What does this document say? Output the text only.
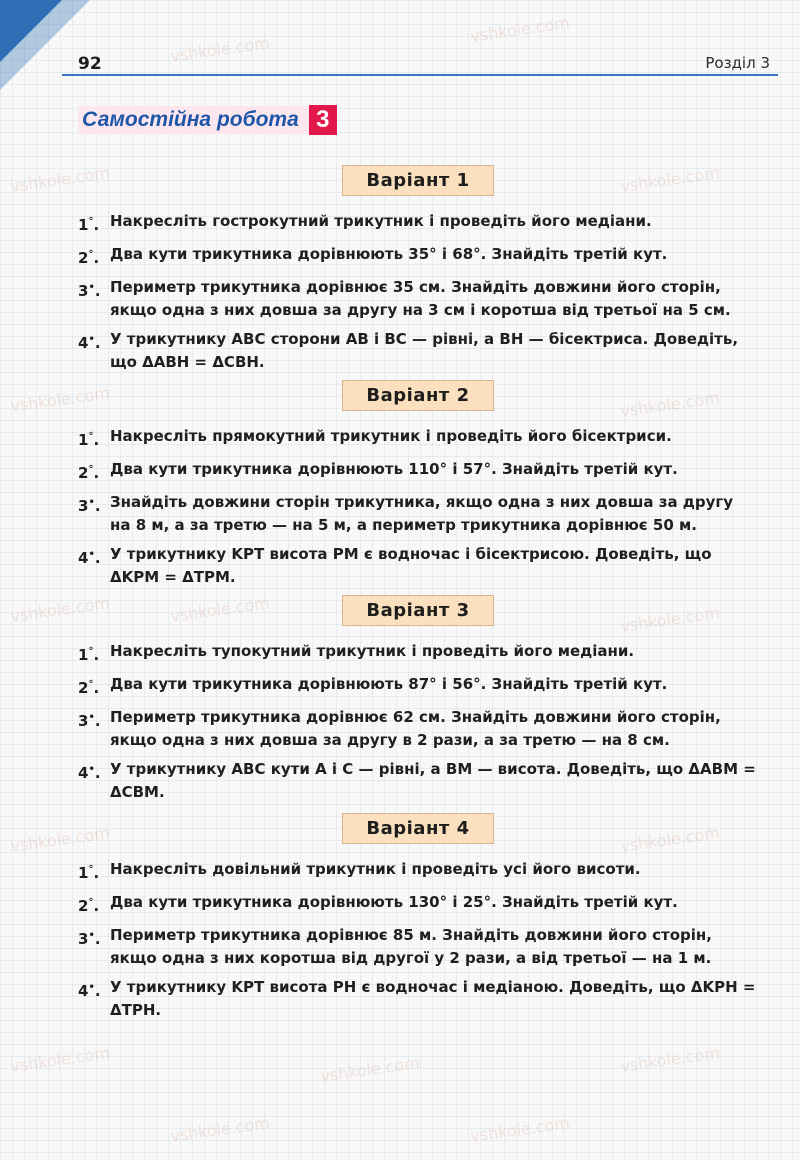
92	Розділ 3
Самостійна робота 3
vshkole.com
vshkole.com
vshkole.com
vshkole.com
vshkole.com	vshkole.com
vshkole.com	vshkole.com	vshkole.com
vshkole.com	vshkole.com
vshkole.com	vshkole.com	vshkole.com
vshkole.com	vshkole.com
Варіант 1
1°. Накресліть гострокутний трикутник і проведіть його медіани.
2°. Два кути трикутника дорівнюють 35° і 68°. Знайдіть третій кут.
3•. Периметр трикутника дорівнює 35 см. Знайдіть довжини його сторін, якщо одна з них довша за другу на 3 см і коротша від третьої на 5 см.
4•. У трикутнику ABC сторони AB і BC — рівні, а BH — бісектриса. Доведіть, що ΔABH = ΔCBH.
Варіант 2
1°. Накресліть прямокутний трикутник і проведіть його бісектриси.
2°. Два кути трикутника дорівнюють 110° і 57°. Знайдіть третій кут.
3•. Знайдіть довжини сторін трикутника, якщо одна з них довша за другу на 8 м, а за третю — на 5 м, а периметр трикутника дорівнює 50 м.
4•. У трикутнику KPT висота PM є водночас і бісектрисою. Доведіть, що ΔKPM = ΔTPM.
Варіант 3
1°. Накресліть тупокутний трикутник і проведіть його медіани.
2°. Два кути трикутника дорівнюють 87° і 56°. Знайдіть третій кут.
3•. Периметр трикутника дорівнює 62 см. Знайдіть довжини його сторін, якщо одна з них довша за другу в 2 рази, а за третю — на 8 см.
4•. У трикутнику ABC кути A і C — рівні, а BM — висота. Доведіть, що ΔABM = ΔCBM.
Варіант 4
1°. Накресліть довільний трикутник і проведіть усі його висоти.
2°. Два кути трикутника дорівнюють 130° і 25°. Знайдіть третій кут.
3•. Периметр трикутника дорівнює 85 м. Знайдіть довжини його сторін, якщо одна з них коротша від другої у 2 рази, а від третьої — на 1 м.
4•. У трикутнику KPT висота PH є водночас і медіаною. Доведіть, що ΔKPH = ΔTPH.
